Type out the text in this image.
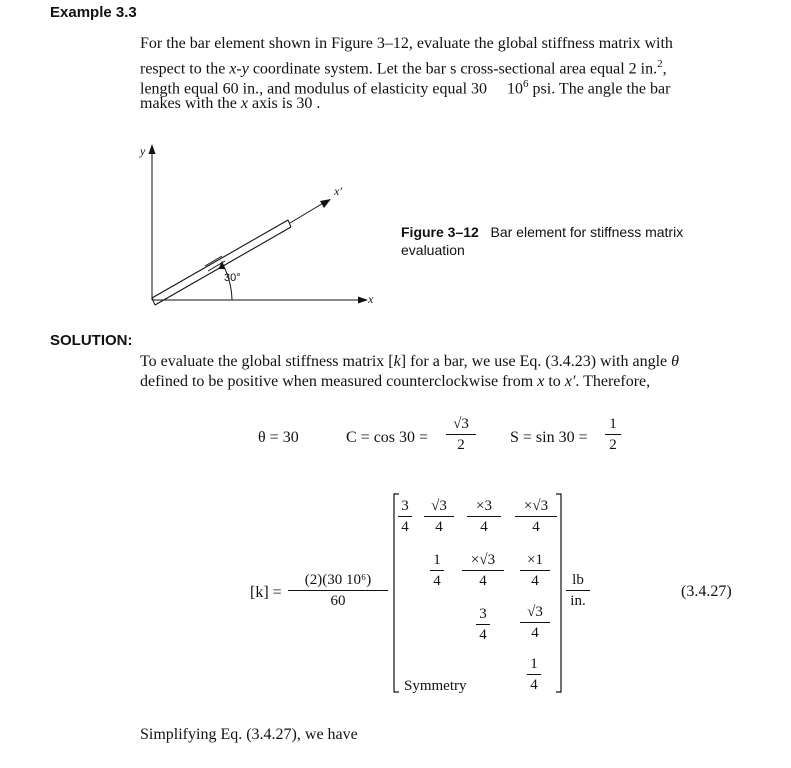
Example 3.3
For the bar element shown in Figure 3–12, evaluate the global stiffness matrix with
respect to the x-y coordinate system. Let the bar s cross-sectional area equal 2 in.$^2$,
length equal 60 in., and modulus of elasticity equal 30 $10^6$ psi. The angle the bar
makes with the x axis is 30 .
y
x
x′
30°
Figure 3–12 Bar element for stiffness matrix
evaluation
SOLUTION:
To evaluate the global stiffness matrix [k] for a bar, we use Eq. (3.4.23) with angle θ
defined to be positive when measured counterclockwise from x to x′. Therefore,
θ = 30	C = cos 30 =
√3
2	S = sin 30 =
1
2
[k] =
(2)(30 10⁶)
60
3
4
√3
4
×3
4
×√3
4
1
4
×√3
4
×1
4
3
4
√3
4
1
4
Symmetry
lb
in.
(3.4.27)
Simplifying Eq. (3.4.27), we have
